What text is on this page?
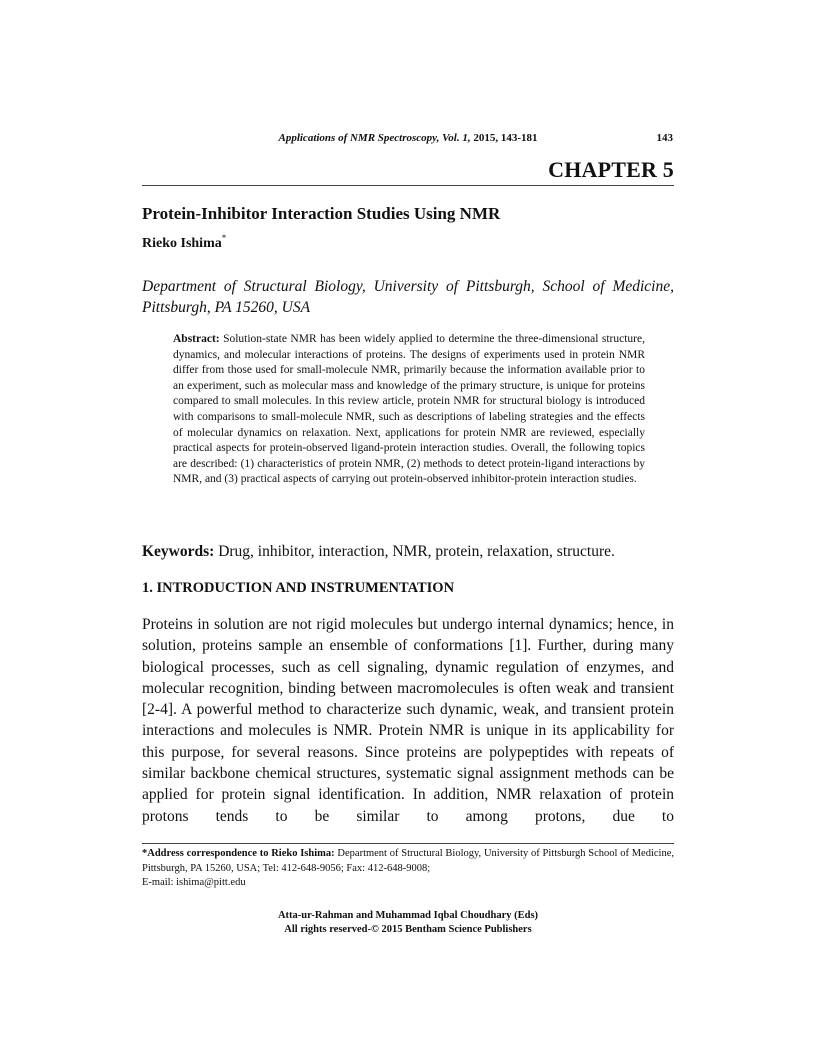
Applications of NMR Spectroscopy, Vol. 1, 2015, 143-181	143
CHAPTER 5
Protein-Inhibitor Interaction Studies Using NMR
Rieko Ishima*
Department of Structural Biology, University of Pittsburgh, School of Medicine, Pittsburgh, PA 15260, USA
Abstract: Solution-state NMR has been widely applied to determine the three-dimensional structure, dynamics, and molecular interactions of proteins. The designs of experiments used in protein NMR differ from those used for small-molecule NMR, primarily because the information available prior to an experiment, such as molecular mass and knowledge of the primary structure, is unique for proteins compared to small molecules. In this review article, protein NMR for structural biology is introduced with comparisons to small-molecule NMR, such as descriptions of labeling strategies and the effects of molecular dynamics on relaxation. Next, applications for protein NMR are reviewed, especially practical aspects for protein-observed ligand-protein interaction studies. Overall, the following topics are described: (1) characteristics of protein NMR, (2) methods to detect protein-ligand interactions by NMR, and (3) practical aspects of carrying out protein-observed inhibitor-protein interaction studies.
Keywords: Drug, inhibitor, interaction, NMR, protein, relaxation, structure.
1. INTRODUCTION AND INSTRUMENTATION
Proteins in solution are not rigid molecules but undergo internal dynamics; hence, in solution, proteins sample an ensemble of conformations [1]. Further, during many biological processes, such as cell signaling, dynamic regulation of enzymes, and molecular recognition, binding between macromolecules is often weak and transient [2-4]. A powerful method to characterize such dynamic, weak, and transient protein interactions and molecules is NMR. Protein NMR is unique in its applicability for this purpose, for several reasons. Since proteins are polypeptides with repeats of similar backbone chemical structures, systematic signal assignment methods can be applied for protein signal identification. In addition, NMR relaxation of protein protons tends to be similar to among protons, due to
*Address correspondence to Rieko Ishima: Department of Structural Biology, University of Pittsburgh School of Medicine, Pittsburgh, PA 15260, USA; Tel: 412-648-9056; Fax: 412-648-9008;
E-mail: ishima@pitt.edu
Atta-ur-Rahman and Muhammad Iqbal Choudhary (Eds)
All rights reserved-© 2015 Bentham Science Publishers
